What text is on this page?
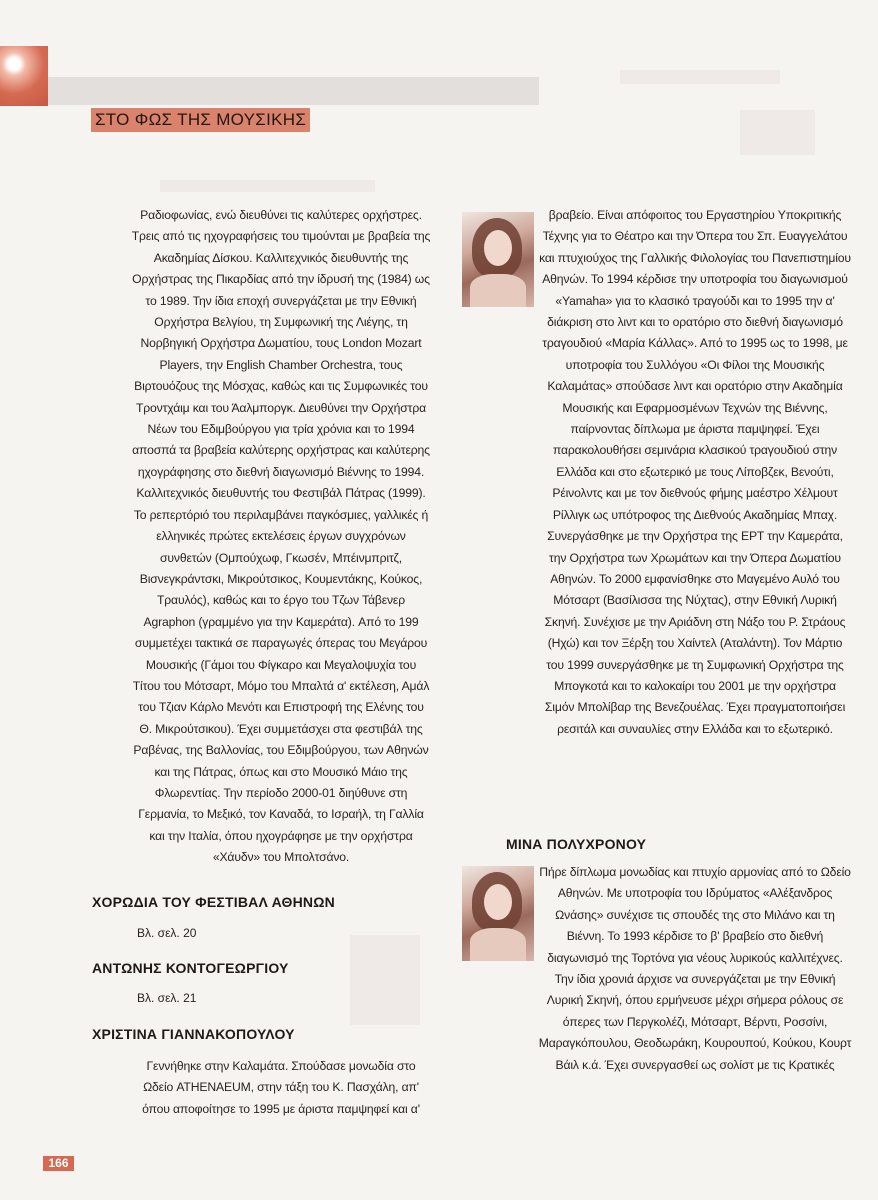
ΣΤΟ ΦΩΣ ΤΗΣ ΜΟΥΣΙΚΗΣ

Ραδιοφωνίας, ενώ διευθύνει τις καλύτερες ορχήστρες. Τρεις από τις ηχογραφήσεις του τιμούνται με βραβεία της Ακαδημίας Δίσκου. Καλλιτεχνικός διευθυντής της Ορχήστρας της Πικαρδίας από την ίδρυσή της (1984) ως το 1989. Την ίδια εποχή συνεργάζεται με την Εθνική Ορχήστρα Βελγίου, τη Συμφωνική της Λιέγης, τη Νορβηγική Ορχήστρα Δωματίου, τους London Mozart Players, την English Chamber Orchestra, τους Βιρτουόζους της Μόσχας, καθώς και τις Συμφωνικές του Τροντχάιμ και του Άαλμποργκ. Διευθύνει την Ορχήστρα Νέων του Εδιμβούργου για τρία χρόνια και το 1994 αποσπά τα βραβεία καλύτερης ορχήστρας και καλύτερης ηχογράφησης στο διεθνή διαγωνισμό Βιέννης το 1994. Καλλιτεχνικός διευθυντής του Φεστιβάλ Πάτρας (1999). Το ρεπερτόριό του περιλαμβάνει παγκόσμιες, γαλλικές ή ελληνικές πρώτες εκτελέσεις έργων συγχρόνων συνθετών (Ομπούχωφ, Γκωσέν, Μπέινμπριτζ, Βισνεγκράντσκι, Μικρούτσικος, Κουμεντάκης, Κούκος, Τραυλός), καθώς και το έργο του Τζων Τάβενερ Agraphon (γραμμένο για την Καμεράτα). Από το 199 συμμετέχει τακτικά σε παραγωγές όπερας του Μεγάρου Μουσικής (Γάμοι του Φίγκαρο και Μεγαλοψυχία του Τίτου του Μότσαρτ, Μόμο του Μπαλτά α' εκτέλεση, Αμάλ του Τζιαν Κάρλο Μενότι και Επιστροφή της Ελένης του Θ. Μικρούτσικου). Έχει συμμετάσχει στα φεστιβάλ της Ραβένας, της Βαλλονίας, του Εδιμβούργου, των Αθηνών και της Πάτρας, όπως και στο Μουσικό Μάιο της Φλωρεντίας. Την περίοδο 2000-01 διηύθυνε στη Γερμανία, το Μεξικό, τον Καναδά, το Ισραήλ, τη Γαλλία και την Ιταλία, όπου ηχογράφησε με την ορχήστρα «Χάυδν» του Μπολτσάνο.

ΧΟΡΩΔΙΑ ΤΟΥ ΦΕΣΤΙΒΑΛ ΑΘΗΝΩΝ
Βλ. σελ. 20
ΑΝΤΩΝΗΣ ΚΟΝΤΟΓΕΩΡΓΙΟΥ
Βλ. σελ. 21
ΧΡΙΣΤΙΝΑ ΓΙΑΝΝΑΚΟΠΟΥΛΟΥ

Γεννήθηκε στην Καλαμάτα. Σπούδασε μονωδία στο Ωδείο ATHENAEUM, στην τάξη του Κ. Πασχάλη, απ' όπου αποφοίτησε το 1995 με άριστα παμψηφεί και α'

βραβείο. Είναι απόφοιτος του Εργαστηρίου Υποκριτικής Τέχνης για το Θέατρο και την Όπερα του Σπ. Ευαγγελάτου και πτυχιούχος της Γαλλικής Φιλολογίας του Πανεπιστημίου Αθηνών. Το 1994 κέρδισε την υποτροφία του διαγωνισμού «Yamaha» για το κλασικό τραγούδι και το 1995 την α' διάκριση στο λιντ και το ορατόριο στο διεθνή διαγωνισμό τραγουδιού «Μαρία Κάλλας». Από το 1995 ως το 1998, με υποτροφία του Συλλόγου «Οι Φίλοι της Μουσικής Καλαμάτας» σπούδασε λιντ και ορατόριο στην Ακαδημία Μουσικής και Εφαρμοσμένων Τεχνών της Βιέννης, παίρνοντας δίπλωμα με άριστα παμψηφεί. Έχει παρακολουθήσει σεμινάρια κλασικού τραγουδιού στην Ελλάδα και στο εξωτερικό με τους Λίποβζεκ, Βενούτι, Ρέινολντς και με τον διεθνούς φήμης μαέστρο Χέλμουτ Ρίλλιγκ ως υπότροφος της Διεθνούς Ακαδημίας Μπαχ. Συνεργάσθηκε με την Ορχήστρα της ΕΡΤ την Καμεράτα, την Ορχήστρα των Χρωμάτων και την Όπερα Δωματίου Αθηνών. Το 2000 εμφανίσθηκε στο Μαγεμένο Αυλό του Μότσαρτ (Βασίλισσα της Νύχτας), στην Εθνική Λυρική Σκηνή. Συνέχισε με την Αριάδνη στη Νάξο του Ρ. Στράους (Ηχώ) και τον Ξέρξη του Χαίντελ (Αταλάντη). Τον Μάρτιο του 1999 συνεργάσθηκε με τη Συμφωνική Ορχήστρα της Μπογκοτά και το καλοκαίρι του 2001 με την ορχήστρα Σιμόν Μπολίβαρ της Βενεζουέλας. Έχει πραγματοποιήσει ρεσιτάλ και συναυλίες στην Ελλάδα και το εξωτερικό.

ΜΙΝΑ ΠΟΛΥΧΡΟΝΟΥ

Πήρε δίπλωμα μονωδίας και πτυχίο αρμονίας από το Ωδείο Αθηνών. Με υποτροφία του Ιδρύματος «Αλέξανδρος Ωνάσης» συνέχισε τις σπουδές της στο Μιλάνο και τη Βιέννη. Το 1993 κέρδισε το β' βραβείο στο διεθνή διαγωνισμό της Τορτόνα για νέους λυρικούς καλλιτέχνες. Την ίδια χρονιά άρχισε να συνεργάζεται με την Εθνική Λυρική Σκηνή, όπου ερμήνευσε μέχρι σήμερα ρόλους σε όπερες των Περγκολέζι, Μότσαρτ, Βέρντι, Ροσσίνι, Μαραγκόπουλου, Θεοδωράκη, Κουρουπού, Κούκου, Κουρτ Βάιλ κ.ά. Έχει συνεργασθεί ως σολίστ με τις Κρατικές

166
